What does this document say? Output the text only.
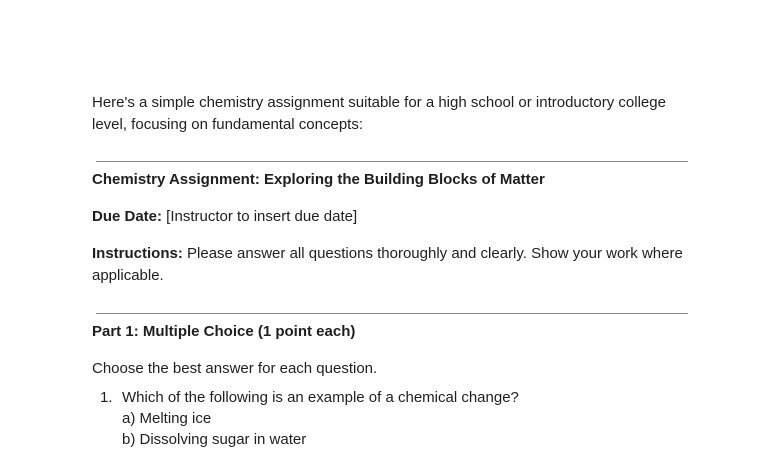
Here's a simple chemistry assignment suitable for a high school or introductory college level, focusing on fundamental concepts:
Chemistry Assignment: Exploring the Building Blocks of Matter
Due Date: [Instructor to insert due date]
Instructions: Please answer all questions thoroughly and clearly. Show your work where applicable.
Part 1: Multiple Choice (1 point each)
Choose the best answer for each question.
1. Which of the following is an example of a chemical change?
a) Melting ice
b) Dissolving sugar in water
